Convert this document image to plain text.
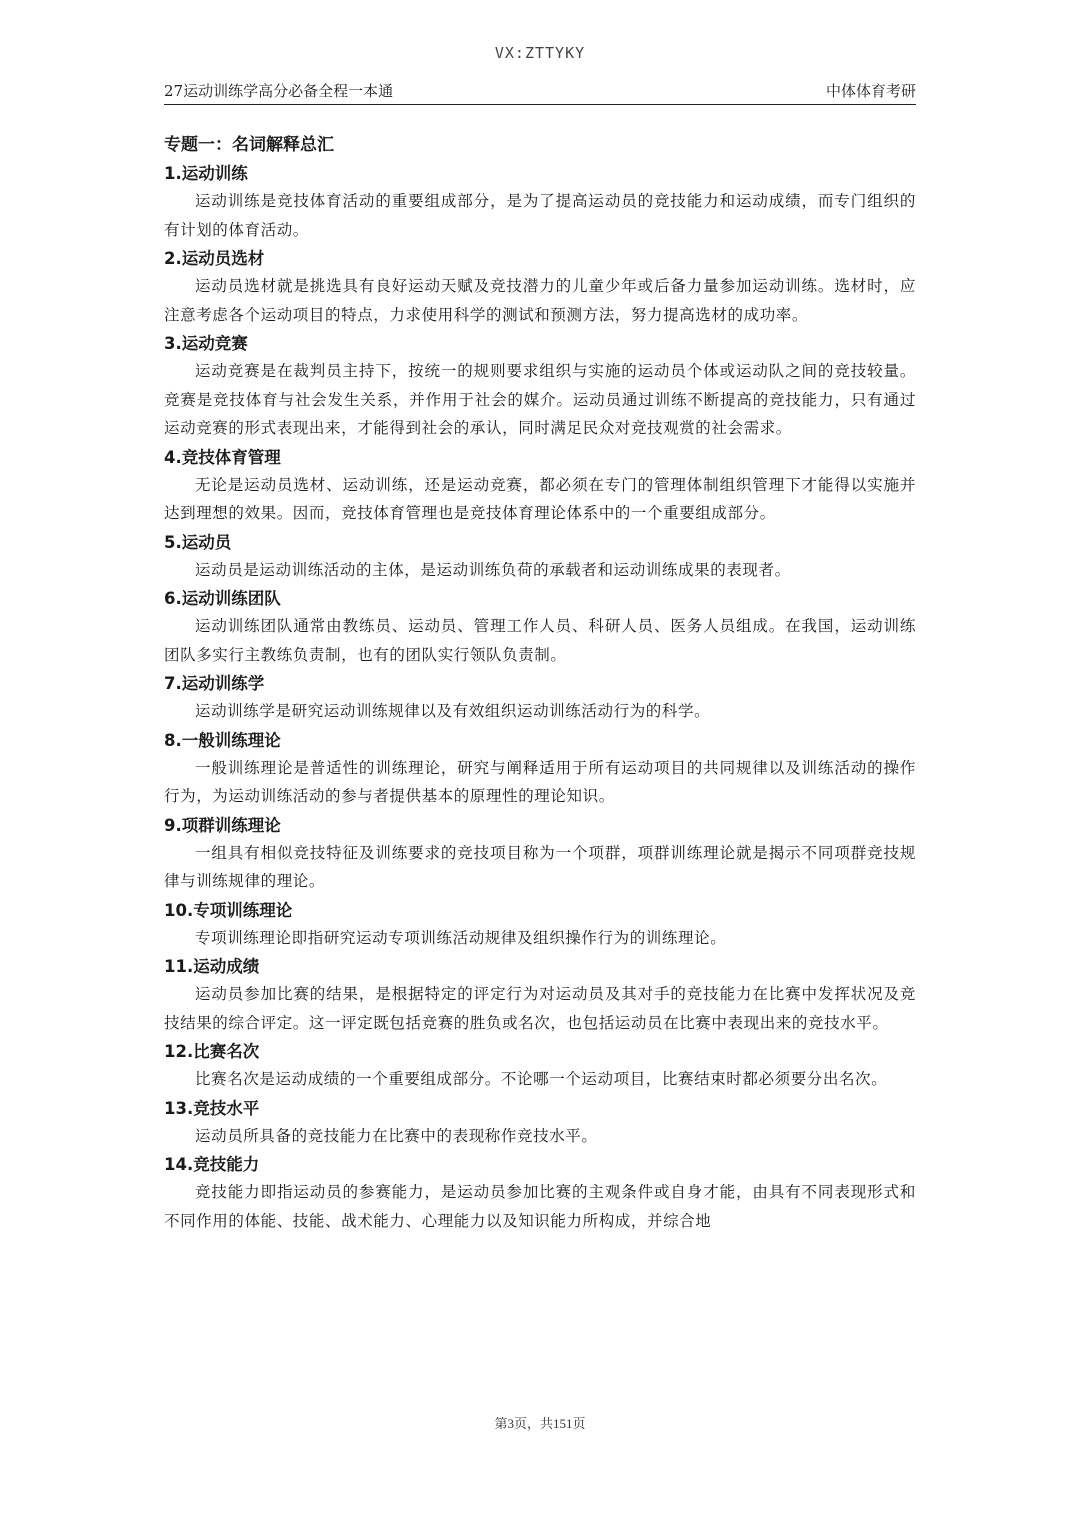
VX:ZTTYKY
27运动训练学高分必备全程一本通	中体体育考研
专题一：名词解释总汇
1.运动训练
运动训练是竞技体育活动的重要组成部分，是为了提高运动员的竞技能力和运动成绩，而专门组织的有计划的体育活动。
2.运动员选材
运动员选材就是挑选具有良好运动天赋及竞技潜力的儿童少年或后备力量参加运动训练。选材时，应注意考虑各个运动项目的特点，力求使用科学的测试和预测方法，努力提高选材的成功率。
3.运动竞赛
运动竞赛是在裁判员主持下，按统一的规则要求组织与实施的运动员个体或运动队之间的竞技较量。竞赛是竞技体育与社会发生关系，并作用于社会的媒介。运动员通过训练不断提高的竞技能力，只有通过运动竞赛的形式表现出来，才能得到社会的承认，同时满足民众对竞技观赏的社会需求。
4.竞技体育管理
无论是运动员选材、运动训练，还是运动竞赛，都必须在专门的管理体制组织管理下才能得以实施并达到理想的效果。因而，竞技体育管理也是竞技体育理论体系中的一个重要组成部分。
5.运动员
运动员是运动训练活动的主体，是运动训练负荷的承载者和运动训练成果的表现者。
6.运动训练团队
运动训练团队通常由教练员、运动员、管理工作人员、科研人员、医务人员组成。在我国，运动训练团队多实行主教练负责制，也有的团队实行领队负责制。
7.运动训练学
运动训练学是研究运动训练规律以及有效组织运动训练活动行为的科学。
8.一般训练理论
一般训练理论是普适性的训练理论，研究与阐释适用于所有运动项目的共同规律以及训练活动的操作行为，为运动训练活动的参与者提供基本的原理性的理论知识。
9.项群训练理论
一组具有相似竞技特征及训练要求的竞技项目称为一个项群，项群训练理论就是揭示不同项群竞技规律与训练规律的理论。
10.专项训练理论
专项训练理论即指研究运动专项训练活动规律及组织操作行为的训练理论。
11.运动成绩
运动员参加比赛的结果，是根据特定的评定行为对运动员及其对手的竞技能力在比赛中发挥状况及竞技结果的综合评定。这一评定既包括竞赛的胜负或名次，也包括运动员在比赛中表现出来的竞技水平。
12.比赛名次
比赛名次是运动成绩的一个重要组成部分。不论哪一个运动项目，比赛结束时都必须要分出名次。
13.竞技水平
运动员所具备的竞技能力在比赛中的表现称作竞技水平。
14.竞技能力
竞技能力即指运动员的参赛能力，是运动员参加比赛的主观条件或自身才能，由具有不同表现形式和不同作用的体能、技能、战术能力、心理能力以及知识能力所构成，并综合地
第3页，共151页
